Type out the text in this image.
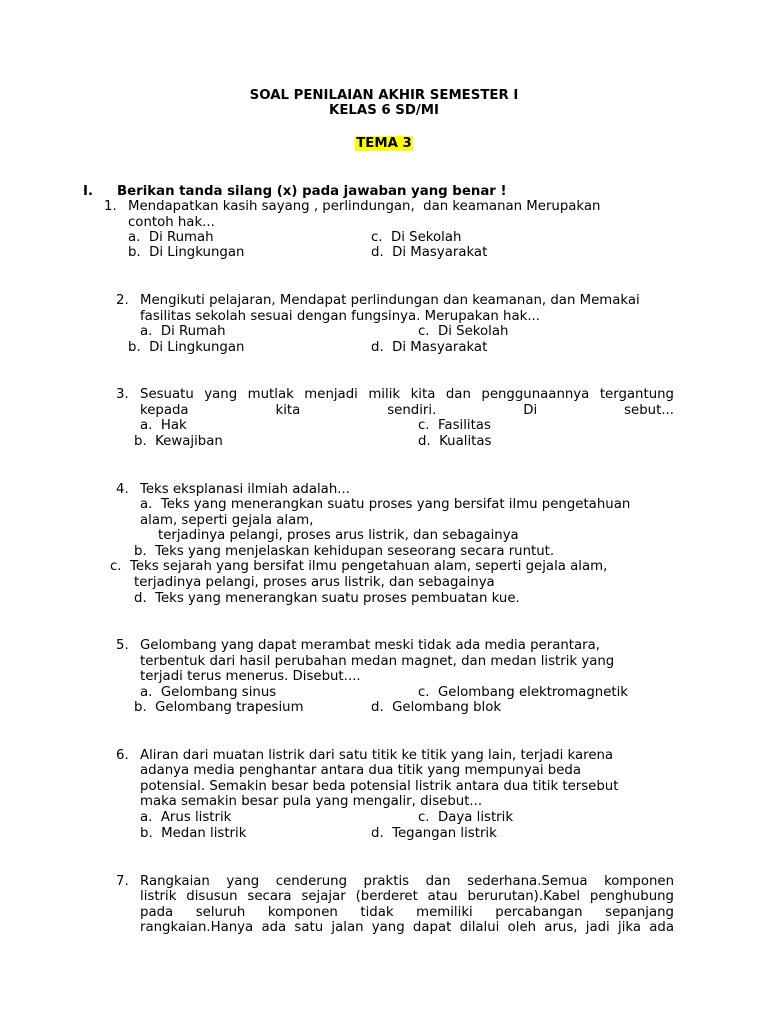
SOAL PENILAIAN AKHIR SEMESTER I
KELAS 6 SD/MI
TEMA 3
I. Berikan tanda silang (x) pada jawaban yang benar !
1. Mendapatkan kasih sayang , perlindungan,  dan keamanan Merupakan
contoh hak...
a.  Di Rumah
b.  Di Lingkungan
c.  Di Sekolah
d.  Di Masyarakat
2. Mengikuti pelajaran, Mendapat perlindungan dan keamanan, dan Memakai
fasilitas sekolah sesuai dengan fungsinya. Merupakan hak...
a.  Di Rumah
b.  Di Lingkungan
c.  Di Sekolah
d.  Di Masyarakat
3. Sesuatu yang mutlak menjadi milik kita dan penggunaannya tergantung
kepada kita sendiri. Di sebut...
a.  Hak
b.  Kewajiban
c.  Fasilitas
d.  Kualitas
4. Teks eksplanasi ilmiah adalah...
a.  Teks yang menerangkan suatu proses yang bersifat ilmu pengetahuan
alam, seperti gejala alam,
terjadinya pelangi, proses arus listrik, dan sebagainya
b.  Teks yang menjelaskan kehidupan seseorang secara runtut.
c.  Teks sejarah yang bersifat ilmu pengetahuan alam, seperti gejala alam,
terjadinya pelangi, proses arus listrik, dan sebagainya
d.  Teks yang menerangkan suatu proses pembuatan kue.
5. Gelombang yang dapat merambat meski tidak ada media perantara,
terbentuk dari hasil perubahan medan magnet, dan medan listrik yang
terjadi terus menerus. Disebut....
a.  Gelombang sinus
b.  Gelombang trapesium
c.  Gelombang elektromagnetik
d.  Gelombang blok
6. Aliran dari muatan listrik dari satu titik ke titik yang lain, terjadi karena
adanya media penghantar antara dua titik yang mempunyai beda
potensial. Semakin besar beda potensial listrik antara dua titik tersebut
maka semakin besar pula yang mengalir, disebut...
a.  Arus listrik
b.  Medan listrik
c.  Daya listrik
d.  Tegangan listrik
7. Rangkaian yang cenderung praktis dan sederhana.Semua komponen
listrik disusun secara sejajar (berderet atau berurutan).Kabel penghubung
pada seluruh komponen tidak memiliki percabangan sepanjang
rangkaian.Hanya ada satu jalan yang dapat dilalui oleh arus, jadi jika ada
